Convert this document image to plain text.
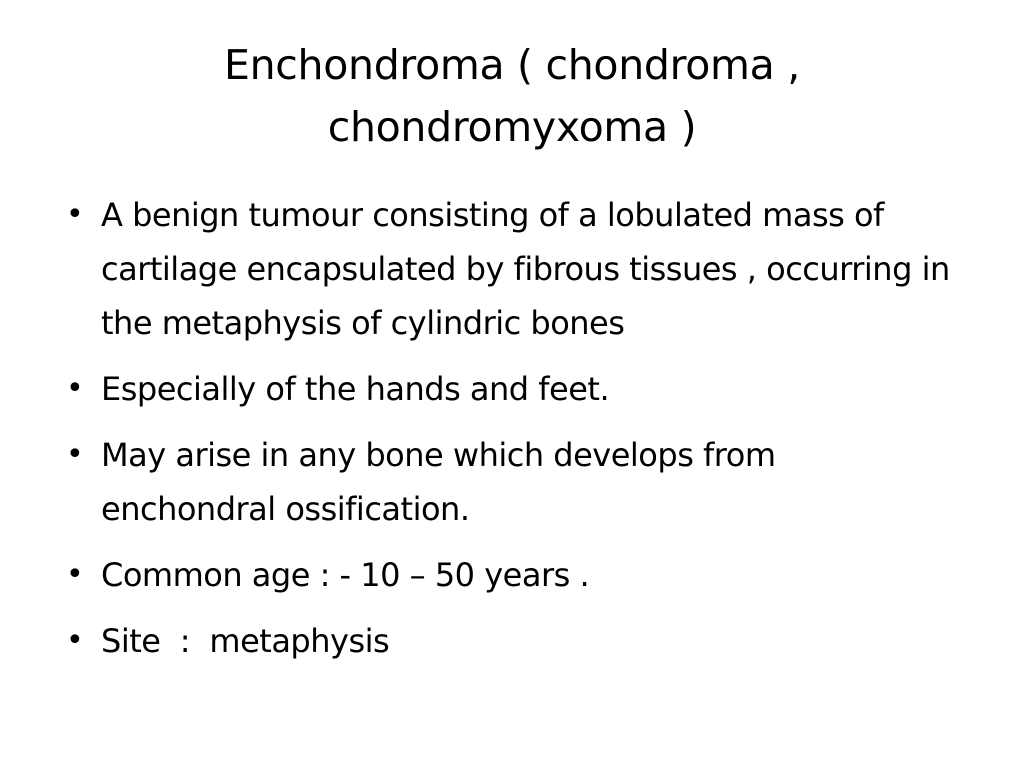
Enchondroma ( chondroma ,
chondromyxoma )
• A benign tumour consisting of a lobulated mass of cartilage encapsulated by fibrous tissues , occurring in the metaphysis of cylindric bones
• Especially of the hands and feet.
• May arise in any bone which develops from enchondral ossification.
• Common age : - 10 – 50 years .
• Site  :  metaphysis
